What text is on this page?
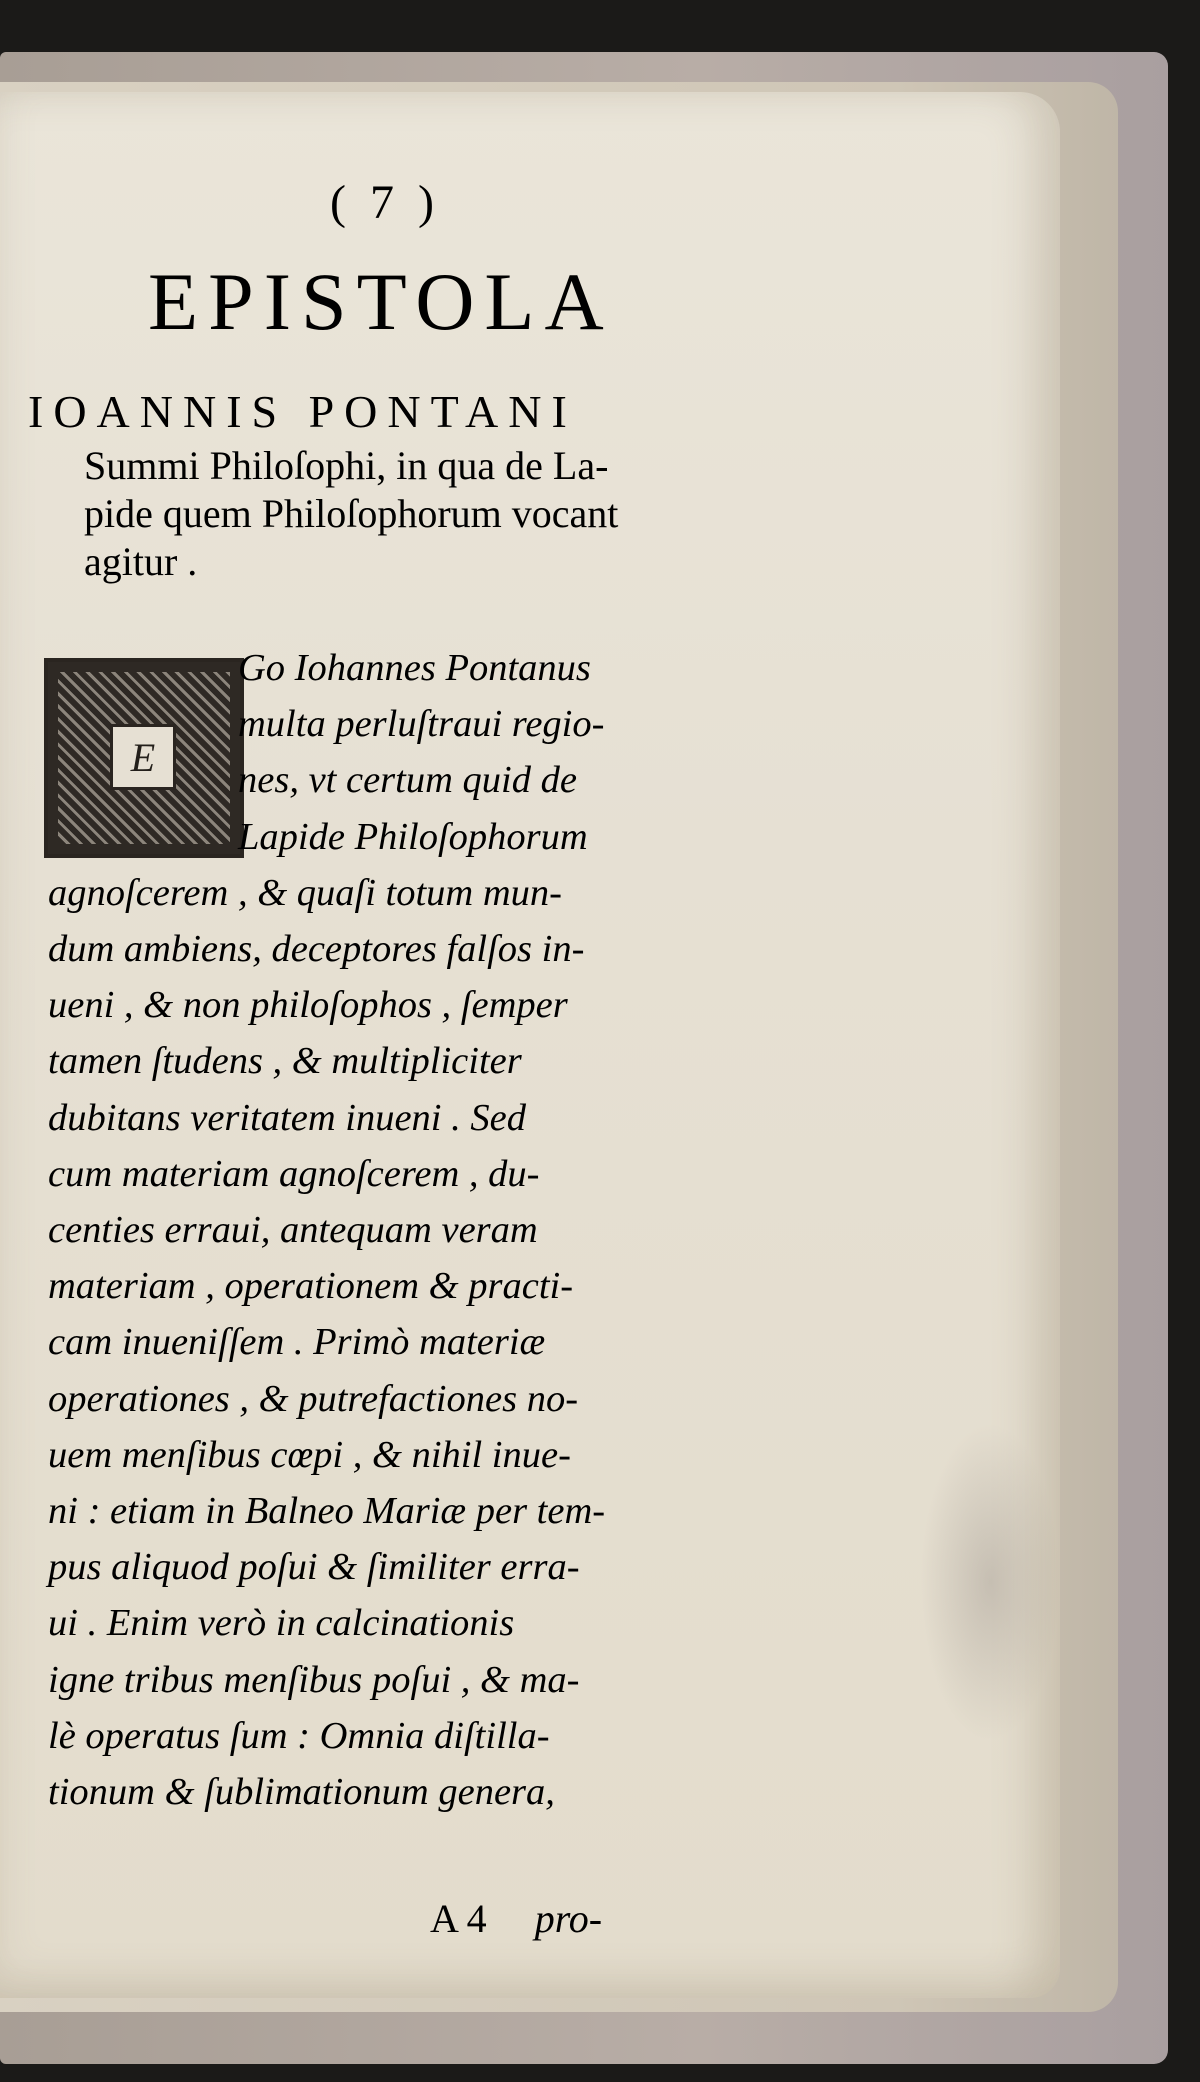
( 7 )
EPISTOLA
IOANNIS PONTANI
Summi Philoſophi, in qua de La-
pide quem Philoſophorum vocant
agitur .
E
Go Iohannes Pontanus
multa perluſtraui regio-
nes, vt certum quid de
Lapide Philoſophorum
agnoſcerem , & quaſi totum mun-
dum ambiens, deceptores falſos in-
ueni , & non philoſophos , ſemper
tamen ſtudens , & multipliciter
dubitans veritatem inueni . Sed
cum materiam agnoſcerem , du-
centies erraui, antequam veram
materiam , operationem & practi-
cam inueniſſem . Primò materiæ
operationes , & putrefactiones no-
uem menſibus cœpi , & nihil inue-
ni : etiam in Balneo Mariæ per tem-
pus aliquod poſui & ſimiliter erra-
ui . Enim verò in calcinationis
igne tribus menſibus poſui , & ma-
lè operatus ſum : Omnia diſtilla-
tionum & ſublimationum genera,
A 4 pro-
